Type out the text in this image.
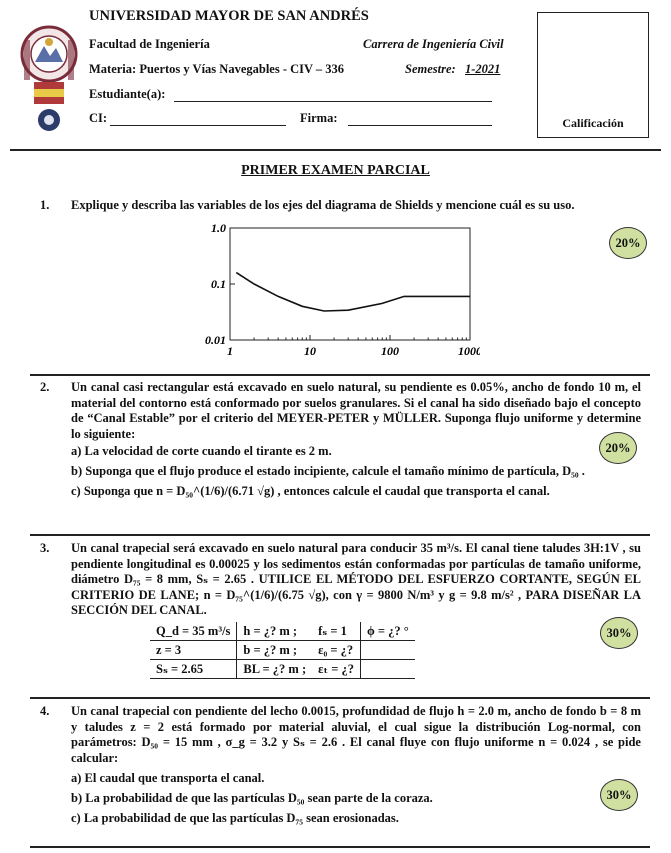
UNIVERSIDAD MAYOR DE SAN ANDRÉS
Facultad de Ingeniería	Carrera de Ingeniería Civil
Materia: Puertos y Vías Navegables - CIV – 336	Semestre: 1-2021
Estudiante(a):
CI:	Firma:	Calificación
PRIMER EXAMEN PARCIAL
1. Explique y describa las variables de los ejes del diagrama de Shields y mencione cuál es su uso.
1.0
0.1
0.01
1	10	100	1000
20%
2. Un canal casi rectangular está excavado en suelo natural, su pendiente es 0.05%, ancho de fondo 10 m, el material del contorno está conformado por suelos granulares. Si el canal ha sido diseñado bajo el concepto de “Canal Estable” por el criterio del MEYER-PETER y MÜLLER. Suponga flujo uniforme y determine lo siguiente:
a) La velocidad de corte cuando el tirante es 2 m.
b) Suponga que el flujo produce el estado incipiente, calcule el tamaño mínimo de partícula, D₅₀ .
c) Suponga que n = D₅₀^(1/6)/(6.71 √g) , entonces calcule el caudal que transporta el canal.
20%
3. Un canal trapecial será excavado en suelo natural para conducir 35 m³/s. El canal tiene taludes 3H:1V , su pendiente longitudinal es 0.00025 y los sedimentos están conformadas por partículas de tamaño uniforme, diámetro D₇₅ = 8 mm, Sₛ = 2.65 . UTILICE EL MÉTODO DEL ESFUERZO CORTANTE, SEGÚN EL CRITERIO DE LANE; n = D₇₅^(1/6)/(6.75 √g), con γ = 9800 N/m³ y g = 9.8 m/s² , PARA DISEÑAR LA SECCIÓN DEL CANAL.
Q_d = 35 m³/s	h = ¿? m ;	fₛ = 1	ϕ = ¿? °
z = 3	b = ¿? m ;	ε₀ = ¿?	
Sₛ = 2.65	BL = ¿? m ;	εₜ = ¿?	
30%
4. Un canal trapecial con pendiente del lecho 0.0015, profundidad de flujo h = 2.0 m, ancho de fondo b = 8 m y taludes z = 2 está formado por material aluvial, el cual sigue la distribución Log-normal, con parámetros: D₅₀ = 15 mm , σ_g = 3.2 y Sₛ = 2.6 . El canal fluye con flujo uniforme n = 0.024 , se pide calcular:
a) El caudal que transporta el canal.
b) La probabilidad de que las partículas D₅₀ sean parte de la coraza.
c) La probabilidad de que las partículas D₇₅ sean erosionadas.
30%
